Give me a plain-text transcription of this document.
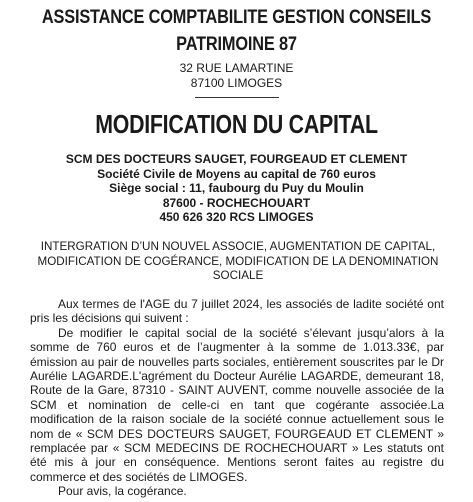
ASSISTANCE COMPTABILITE GESTION CONSEILS
PATRIMOINE 87
32 RUE LAMARTINE
87100 LIMOGES
MODIFICATION DU CAPITAL
SCM DES DOCTEURS SAUGET, FOURGEAUD ET CLEMENT
Société Civile de Moyens au capital de 760 euros
Siège social : 11, faubourg du Puy du Moulin
87600 - ROCHECHOUART
450 626 320 RCS LIMOGES
INTERGRATION D’UN NOUVEL ASSOCIE, AUGMENTATION DE CAPITAL,
MODIFICATION DE COGÉRANCE, MODIFICATION DE LA DENOMINATION
SOCIALE

Aux termes de l'AGE du 7 juillet 2024, les associés de ladite société ont pris les décisions qui suivent :

De modifier le capital social de la société s’élevant jusqu’alors à la somme de 760 euros et de l’augmenter à la somme de 1.013.33€, par émission au pair de nouvelles parts sociales, entièrement souscrites par le Dr Aurélie LAGARDE.L'agrément du Docteur Aurélie LAGARDE, demeurant 18, Route de la Gare, 87310 - SAINT AUVENT, comme nouvelle associée de la SCM et nomination de celle-ci en tant que cogérante associée.La modification de la raison sociale de la société connue actuellement sous le nom de « SCM DES DOCTEURS SAUGET, FOURGEAUD ET CLEMENT » remplacée par « SCM MEDECINS DE ROCHECHOUART » Les statuts ont été mis à jour en conséquence. Mentions seront faites au registre du commerce et des sociétés de LIMOGES.

Pour avis, la cogérance.
